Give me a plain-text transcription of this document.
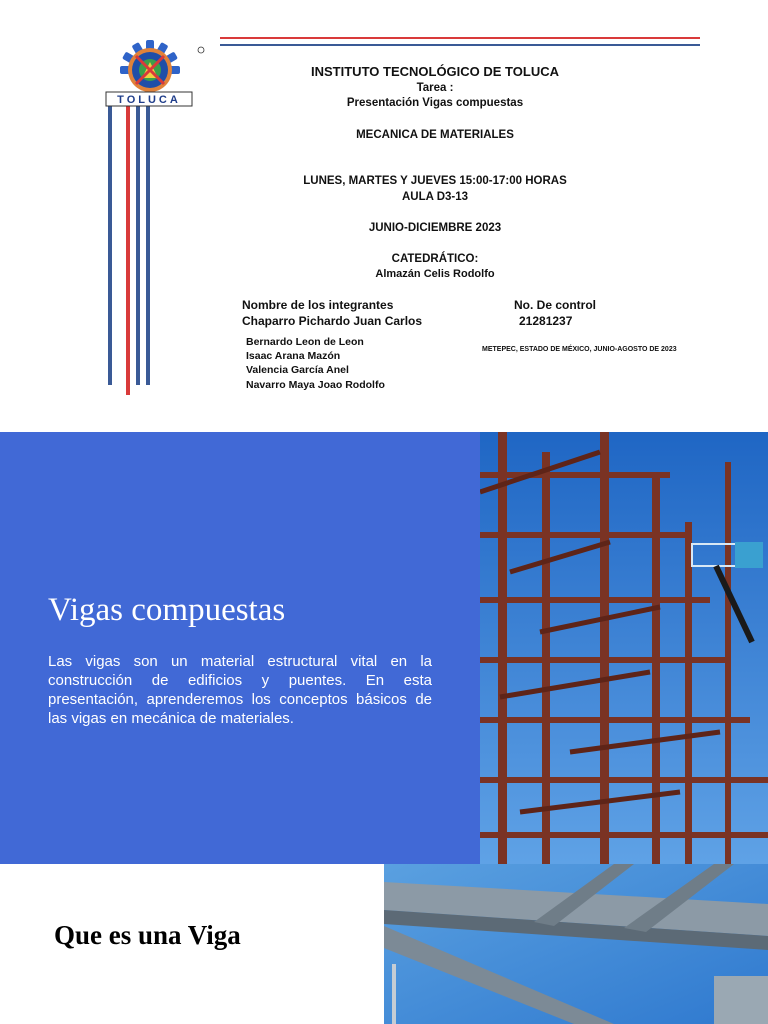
TOLUCA
INSTITUTO TECNOLÓGICO DE TOLUCA
Tarea :
Presentación Vigas compuestas
MECANICA DE MATERIALES
LUNES, MARTES Y JUEVES 15:00-17:00 HORAS
AULA D3-13
JUNIO-DICIEMBRE 2023
CATEDRÁTICO:
Almazán Celis Rodolfo
Nombre de los integrantes	No. De control
Chaparro Pichardo Juan Carlos	21281237
Bernardo Leon de Leon
Isaac Arana Mazón
Valencia García Anel
Navarro Maya Joao Rodolfo
METEPEC, ESTADO DE MÉXICO, JUNIO-AGOSTO DE 2023
Vigas compuestas

Las vigas son un material estructural vital en la construcción de edificios y puentes. En esta presentación, aprenderemos los conceptos básicos de las vigas en mecánica de materiales.

Que es una Viga
